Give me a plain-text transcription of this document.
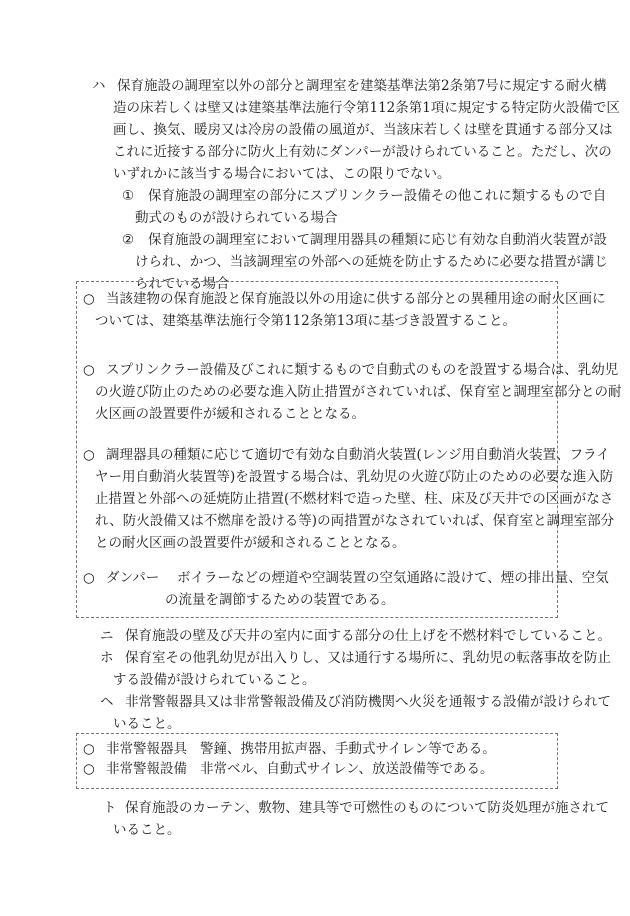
ハ 保育施設の調理室以外の部分と調理室を建築基準法第2条第7号に規定する耐火構
造の床若しくは壁又は建築基準法施行令第112条第1項に規定する特定防火設備で区
画し、換気、暖房又は冷房の設備の風道が、当該床若しくは壁を貫通する部分又は
これに近接する部分に防火上有効にダンパーが設けられていること。ただし、次の
いずれかに該当する場合においては、この限りでない。
① 保育施設の調理室の部分にスプリンクラー設備その他これに類するもので自
動式のものが設けられている場合
② 保育施設の調理室において調理用器具の種類に応じ有効な自動消火装置が設
けられ、かつ、当該調理室の外部への延焼を防止するために必要な措置が講じ
られている場合
○ 当該建物の保育施設と保育施設以外の用途に供する部分との異種用途の耐火区画に
ついては、建築基準法施行令第112条第13項に基づき設置すること。
○ スプリンクラー設備及びこれに類するもので自動式のものを設置する場合は、乳幼児
の火遊び防止のための必要な進入防止措置がされていれば、保育室と調理室部分との耐
火区画の設置要件が緩和されることとなる。
○ 調理器具の種類に応じて適切で有効な自動消火装置(レンジ用自動消火装置、フライ
ヤー用自動消火装置等)を設置する場合は、乳幼児の火遊び防止のための必要な進入防
止措置と外部への延焼防止措置(不燃材料で造った壁、柱、床及び天井での区画がなさ
れ、防火設備又は不燃扉を設ける等)の両措置がなされていれば、保育室と調理室部分
との耐火区画の設置要件が緩和されることとなる。
○ ダンパー ボイラーなどの煙道や空調装置の空気通路に設けて、煙の排出量、空気
の流量を調節するための装置である。
ニ 保育施設の壁及び天井の室内に面する部分の仕上げを不燃材料でしていること。
ホ 保育室その他乳幼児が出入りし、又は通行する場所に、乳幼児の転落事故を防止
する設備が設けられていること。
ヘ 非常警報器具又は非常警報設備及び消防機関へ火災を通報する設備が設けられて
いること。
○ 非常警報器具 警鐘、携帯用拡声器、手動式サイレン等である。
○ 非常警報設備 非常ベル、自動式サイレン、放送設備等である。
ト 保育施設のカーテン、敷物、建具等で可燃性のものについて防炎処理が施されて
いること。
